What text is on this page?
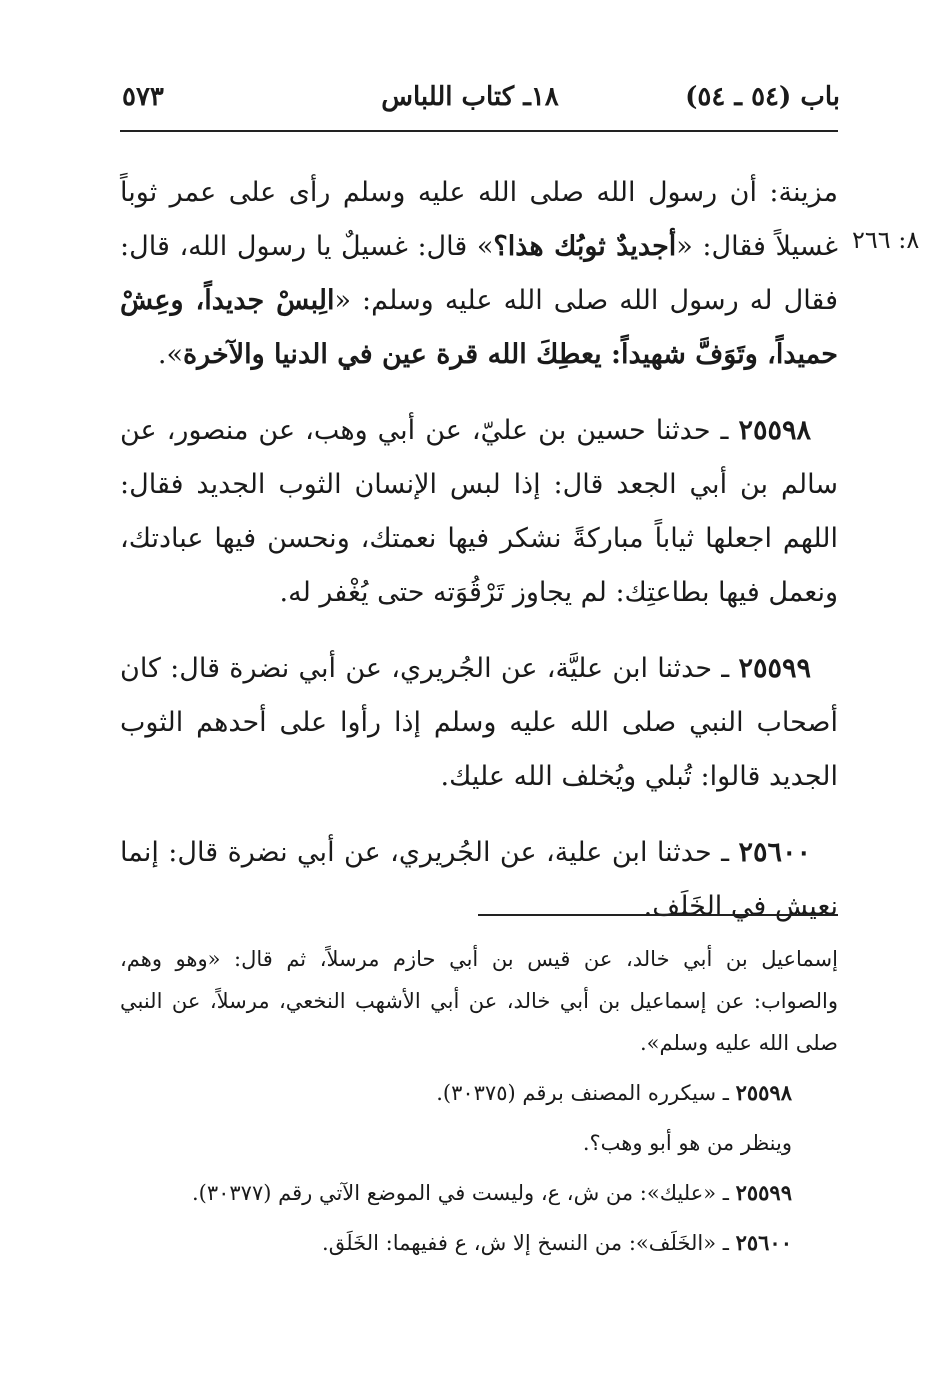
باب (٥٤ ـ ٥٤)
١٨ـ كتاب اللباس
٥٧٣
٨: ٢٦٦

مزينة: أن رسول الله صلى الله عليه وسلم رأى على عمر ثوباً غسيلاً فقال: «أجديدٌ ثوبُك هذا؟» قال: غسيلٌ يا رسول الله، قال: فقال له رسول الله صلى الله عليه وسلم: «الِبسْ جديداً، وعِشْ حميداً، وتَوَفَّ شهيداً: يعطِكَ الله قرة عين في الدنيا والآخرة».

 ٢٥٥٩٨ ـ حدثنا حسين بن عليّ، عن أبي وهب، عن منصور، عن سالم بن أبي الجعد قال: إذا لبس الإنسان الثوب الجديد فقال: اللهم اجعلها ثياباً مباركةً نشكر فيها نعمتك، ونحسن فيها عبادتك، ونعمل فيها بطاعتِك: لم يجاوز تَرْقُوَته حتى يُغْفر له.

 ٢٥٥٩٩ ـ حدثنا ابن عليَّة، عن الجُريري، عن أبي نضرة قال: كان أصحاب النبي صلى الله عليه وسلم إذا رأوا على أحدهم الثوب الجديد قالوا: تُبلي ويُخلف الله عليك.

 ٢٥٦٠٠ ـ حدثنا ابن علية، عن الجُريري، عن أبي نضرة قال: إنما نعيش في الخَلَف.

إسماعيل بن أبي خالد، عن قيس بن أبي حازم مرسلاً، ثم قال: «وهو وهم، والصواب: عن إسماعيل بن أبي خالد، عن أبي الأشهب النخعي، مرسلاً، عن النبي صلى الله عليه وسلم».

٢٥٥٩٨ ـ سيكرره المصنف برقم (٣٠٣٧٥).

وينظر من هو أبو وهب؟.

٢٥٥٩٩ ـ «عليك»: من ش، ع، وليست في الموضع الآتي رقم (٣٠٣٧٧).

٢٥٦٠٠ ـ «الخَلَف»: من النسخ إلا ش، ع ففيهما: الخَلَق.
